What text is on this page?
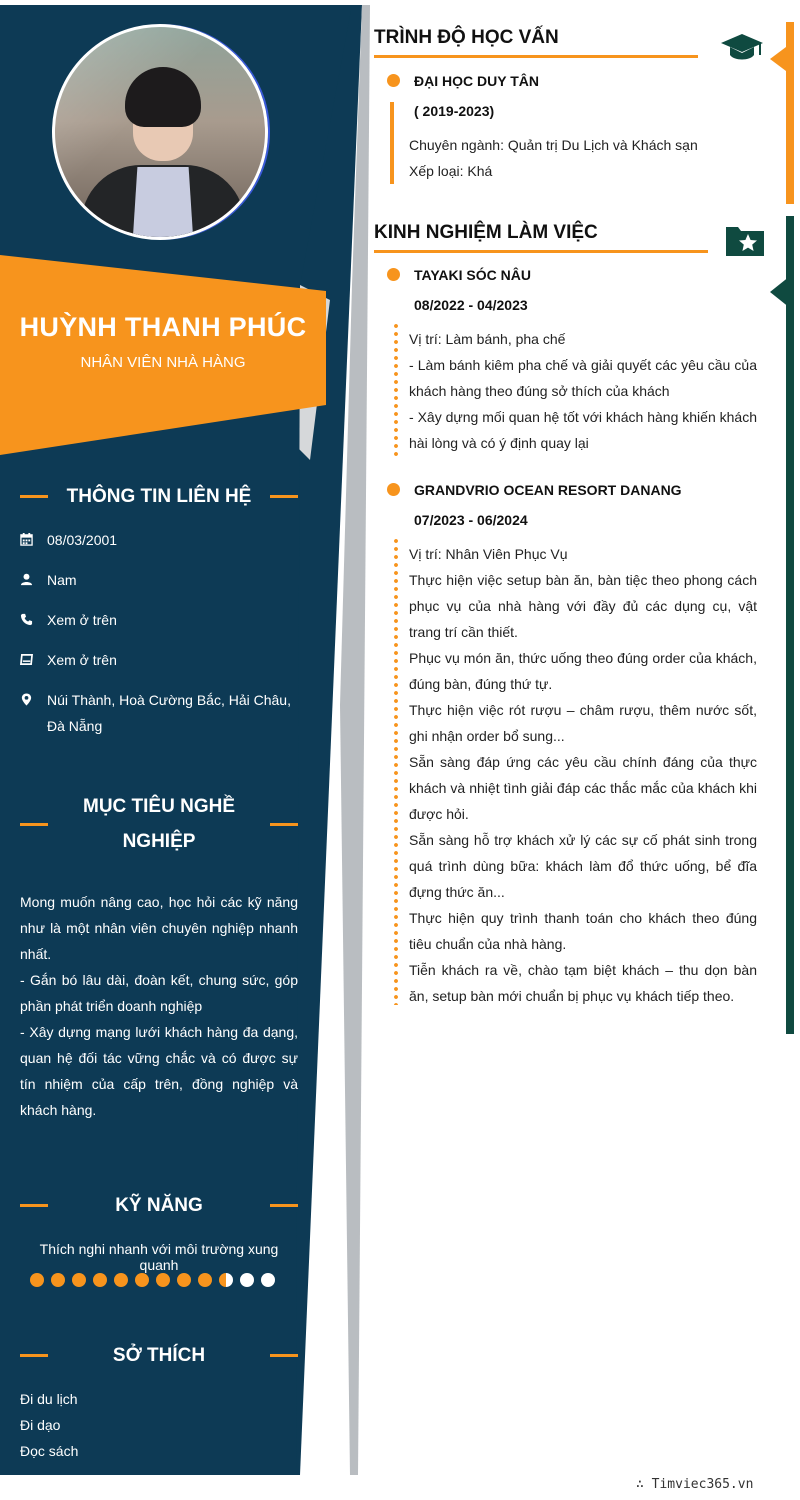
HUỲNH THANH PHÚC
NHÂN VIÊN NHÀ HÀNG
THÔNG TIN LIÊN HỆ
08/03/2001
Nam
Xem ở trên
Xem ở trên
Núi Thành, Hoà Cường Bắc, Hải Châu, Đà Nẵng
MỤC TIÊU NGHỀ
NGHIỆP
Mong muốn nâng cao, học hỏi các kỹ năng như là một nhân viên chuyên nghiệp nhanh nhất.
- Gắn bó lâu dài, đoàn kết, chung sức, góp phần phát triển doanh nghiệp
- Xây dựng mạng lưới khách hàng đa dạng, quan hệ đối tác vững chắc và có được sự tín nhiệm của cấp trên, đồng nghiệp và khách hàng.
KỸ NĂNG
Thích nghi nhanh với môi trường xung quanh
SỞ THÍCH
Đi du lịch
Đi dạo
Đọc sách
TRÌNH ĐỘ HỌC VẤN
ĐẠI HỌC DUY TÂN
( 2019-2023)
Chuyên ngành: Quản trị Du Lịch và Khách sạn
Xếp loại: Khá
KINH NGHIỆM LÀM VIỆC
TAYAKI SÓC NÂU
08/2022 - 04/2023
Vị trí: Làm bánh, pha chế
- Làm bánh kiêm pha chế và giải quyết các yêu cầu của khách hàng theo đúng sở thích của khách
- Xây dựng mối quan hệ tốt với khách hàng khiến khách hài lòng và có ý định quay lại
GRANDVRIO OCEAN RESORT DANANG
07/2023 - 06/2024
Vị trí: Nhân Viên Phục Vụ
Thực hiện việc setup bàn ăn, bàn tiệc theo phong cách phục vụ của nhà hàng với đầy đủ các dụng cụ, vật trang trí cần thiết.
Phục vụ món ăn, thức uống theo đúng order của khách, đúng bàn, đúng thứ tự.
Thực hiện việc rót rượu – châm rượu, thêm nước sốt, ghi nhận order bổ sung...
Sẵn sàng đáp ứng các yêu cầu chính đáng của thực khách và nhiệt tình giải đáp các thắc mắc của khách khi được hỏi.
Sẵn sàng hỗ trợ khách xử lý các sự cố phát sinh trong quá trình dùng bữa: khách làm đổ thức uống, bể đĩa đựng thức ăn...
Thực hiện quy trình thanh toán cho khách theo đúng tiêu chuẩn của nhà hàng.
Tiễn khách ra về, chào tạm biệt khách – thu dọn bàn ăn, setup bàn mới chuẩn bị phục vụ khách tiếp theo.
∴ Timviec365.vn
